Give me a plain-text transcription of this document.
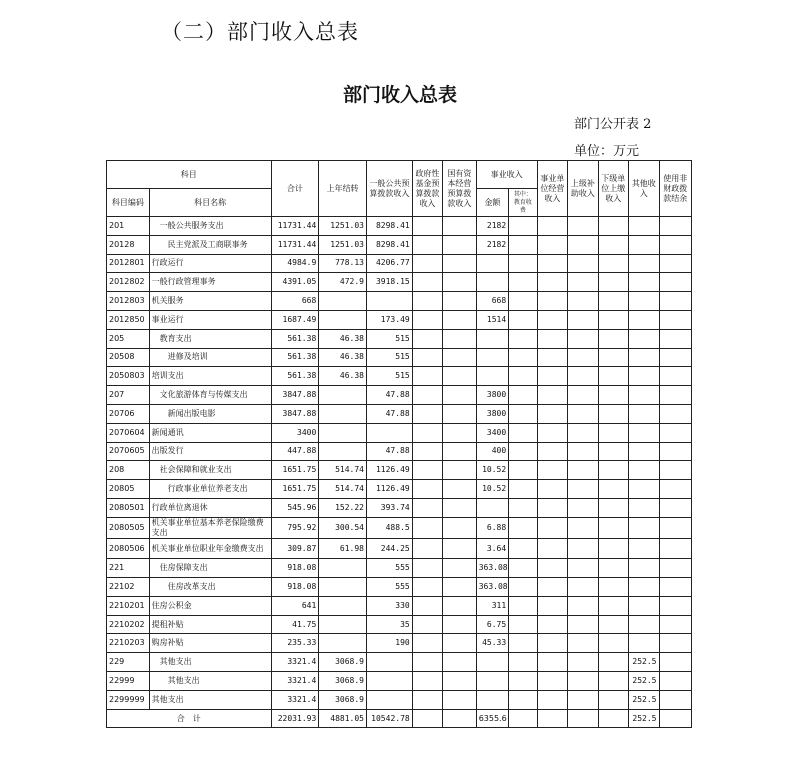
（二）部门收入总表
部门收入总表
部门公开表 2
单位：万元
科目		合计	上年结转	一般公共预算拨款收入	政府性基金预算拨款收入	国有资本经营预算拨款收入	事业收入		事业单位经营收入	上级补助收入	下级单位上缴收入	其他收入	使用非财政拨款结余
科目编码	科目名称						金额	其中：教育收费					
201	一般公共服务支出	11731.44	1251.03	8298.41			2182						
20128	民主党派及工商联事务	11731.44	1251.03	8298.41			2182						
2012801	行政运行	4984.9	778.13	4206.77									
2012802	一般行政管理事务	4391.05	472.9	3918.15									
2012803	机关服务	668					668						
2012850	事业运行	1687.49		173.49			1514						
205	教育支出	561.38	46.38	515									
20508	进修及培训	561.38	46.38	515									
2050803	培训支出	561.38	46.38	515									
207	文化旅游体育与传媒支出	3847.88		47.88			3800						
20706	新闻出版电影	3847.88		47.88			3800						
2070604	新闻通讯	3400					3400						
2070605	出版发行	447.88		47.88			400						
208	社会保障和就业支出	1651.75	514.74	1126.49			10.52						
20805	行政事业单位养老支出	1651.75	514.74	1126.49			10.52						
2080501	行政单位离退休	545.96	152.22	393.74									
2080505	机关事业单位基本养老保险缴费支出	795.92	300.54	488.5			6.88						
2080506	机关事业单位职业年金缴费支出	309.87	61.98	244.25			3.64						
221	住房保障支出	918.08		555			363.08						
22102	住房改革支出	918.08		555			363.08						
2210201	住房公积金	641		330			311						
2210202	提租补贴	41.75		35			6.75						
2210203	购房补贴	235.33		190			45.33						
229	其他支出	3321.4	3068.9									252.5	
22999	其他支出	3321.4	3068.9									252.5	
2299999	其他支出	3321.4	3068.9									252.5	
合　计		22031.93	4881.05	10542.78			6355.6					252.5	
